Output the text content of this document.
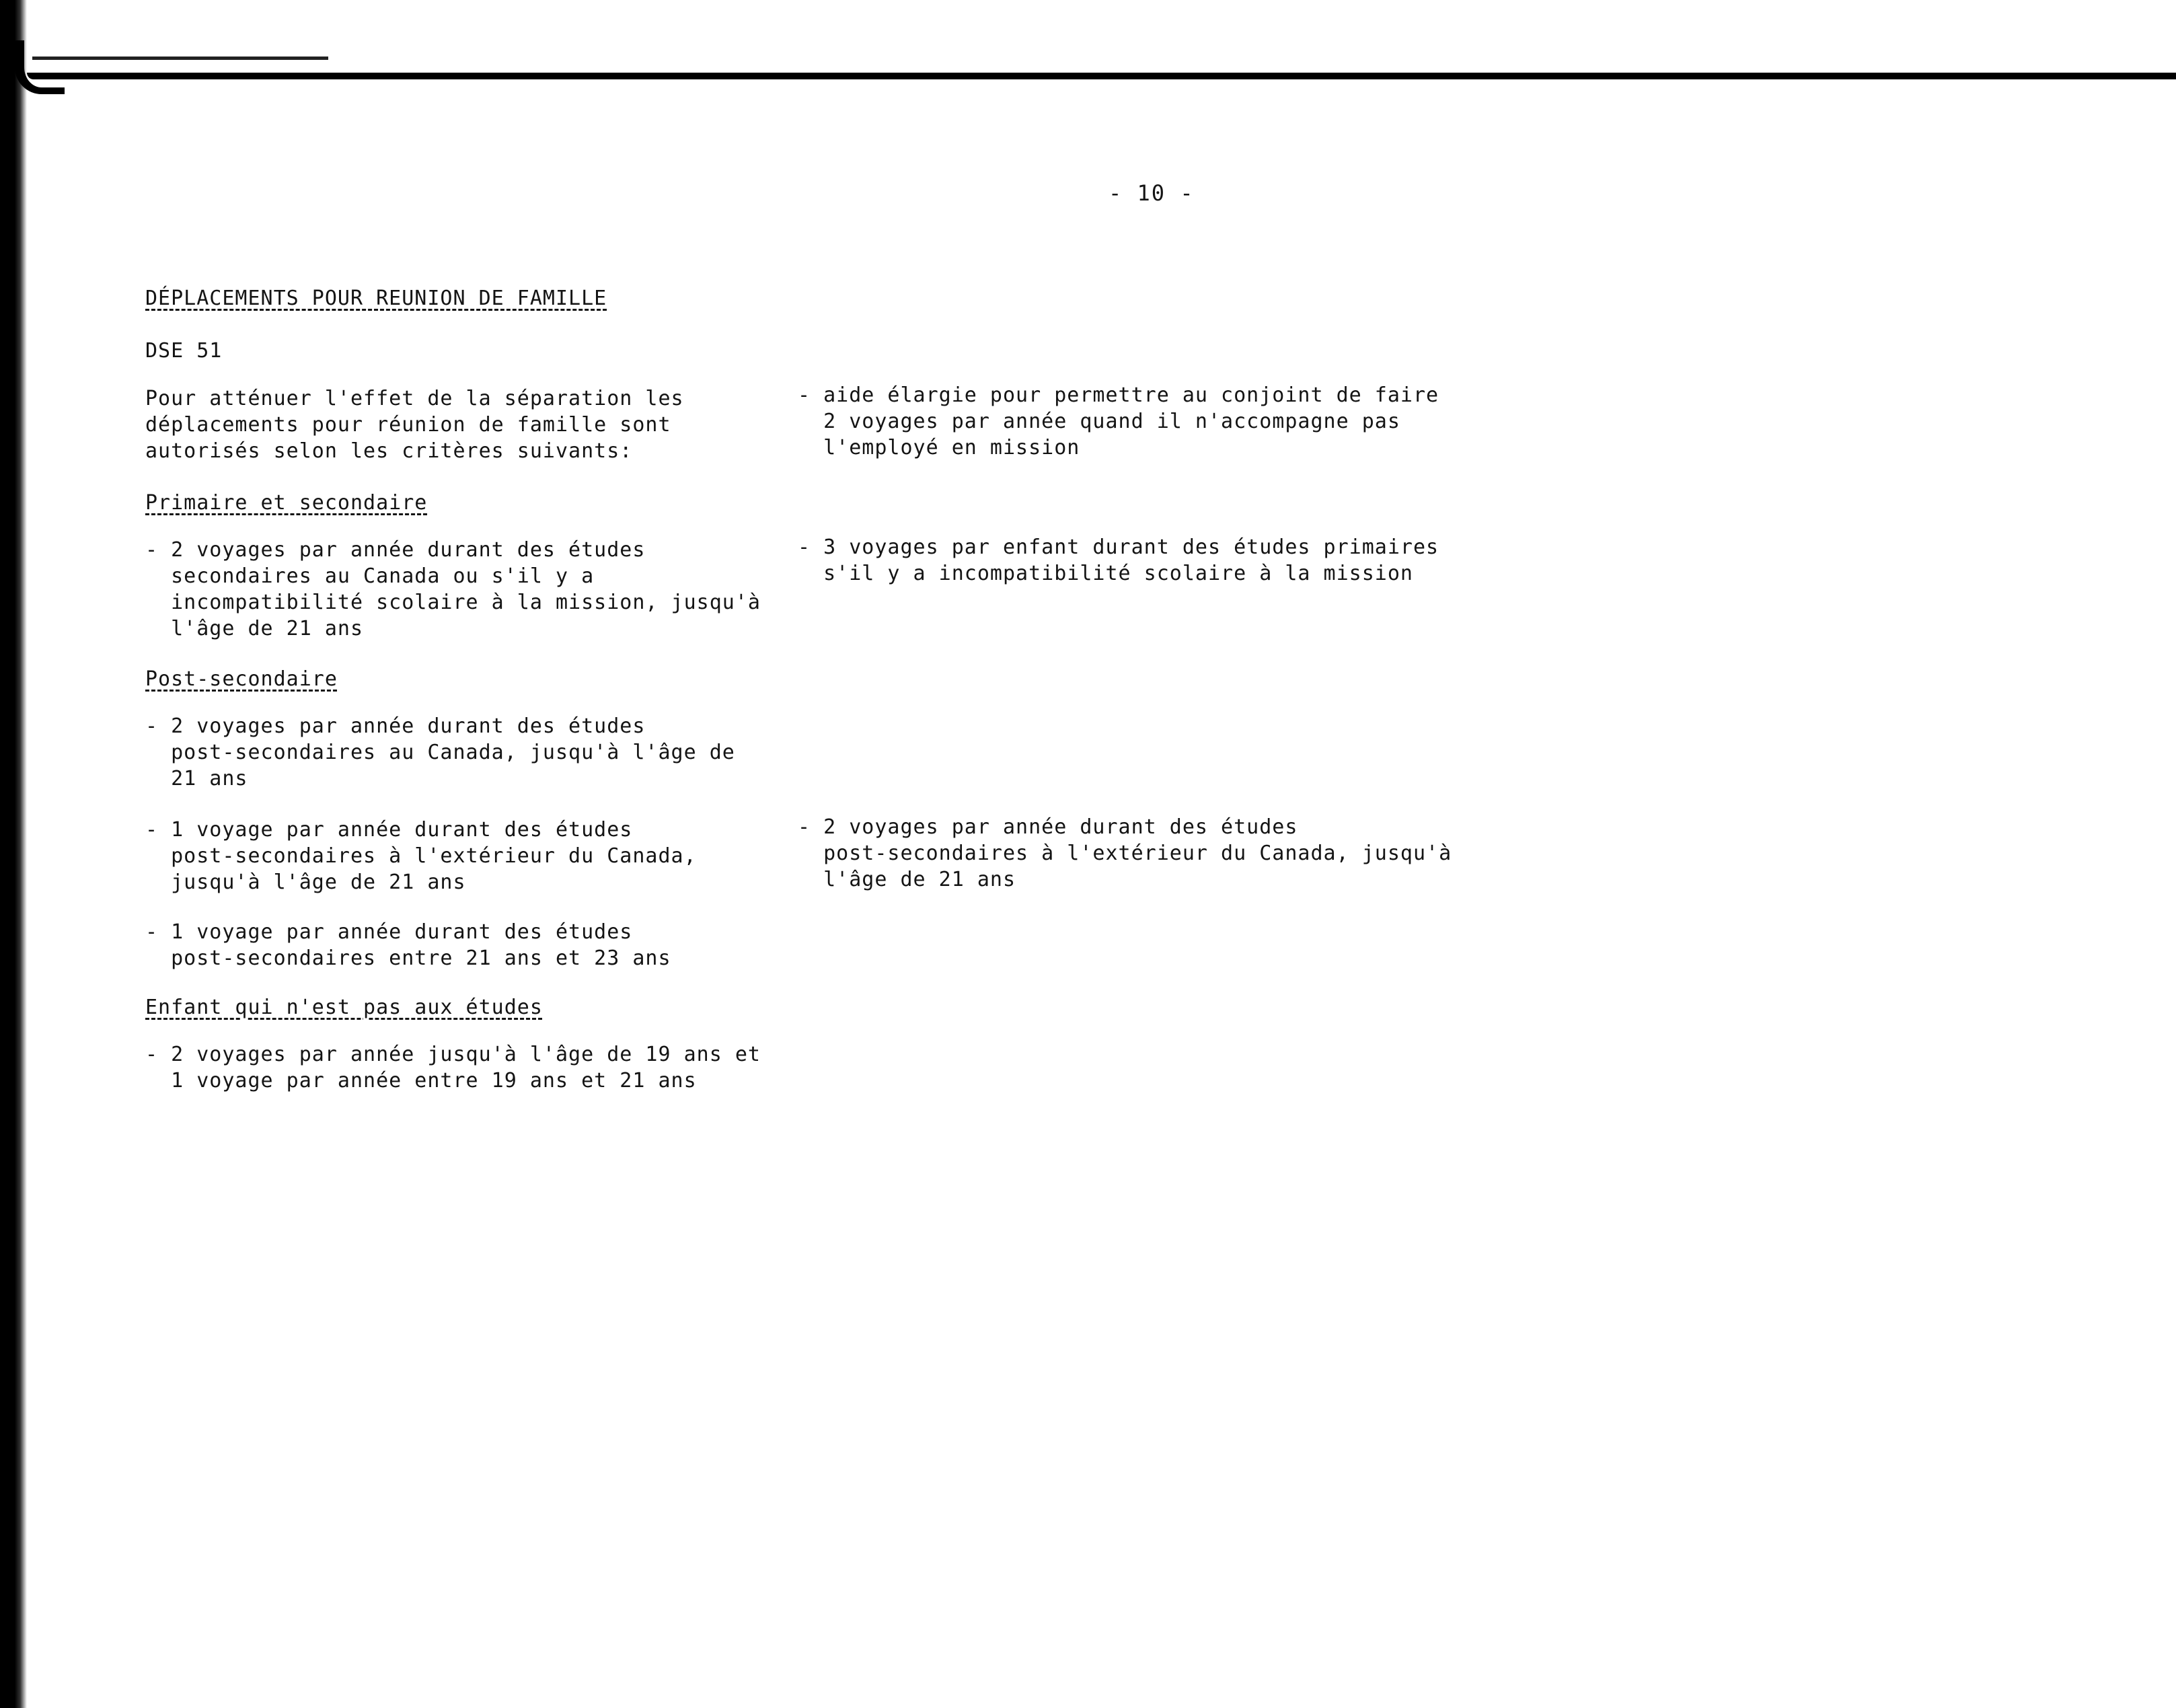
- 10 -
DÉPLACEMENTS POUR REUNION DE FAMILLE
DSE 51
Pour atténuer l'effet de la séparation les
déplacements pour réunion de famille sont
autorisés selon les critères suivants:
- aide élargie pour permettre au conjoint de faire
2 voyages par année quand il n'accompagne pas
l'employé en mission
Primaire et secondaire
- 2 voyages par année durant des études
secondaires au Canada ou s'il y a
incompatibilité scolaire à la mission, jusqu'à
l'âge de 21 ans
- 3 voyages par enfant durant des études primaires
s'il y a incompatibilité scolaire à la mission
Post-secondaire
- 2 voyages par année durant des études
post-secondaires au Canada, jusqu'à l'âge de
21 ans
- 1 voyage par année durant des études
post-secondaires à l'extérieur du Canada,
jusqu'à l'âge de 21 ans
- 2 voyages par année durant des études
post-secondaires à l'extérieur du Canada, jusqu'à
l'âge de 21 ans
- 1 voyage par année durant des études
post-secondaires entre 21 ans et 23 ans
Enfant qui n'est pas aux études
- 2 voyages par année jusqu'à l'âge de 19 ans et
1 voyage par année entre 19 ans et 21 ans
